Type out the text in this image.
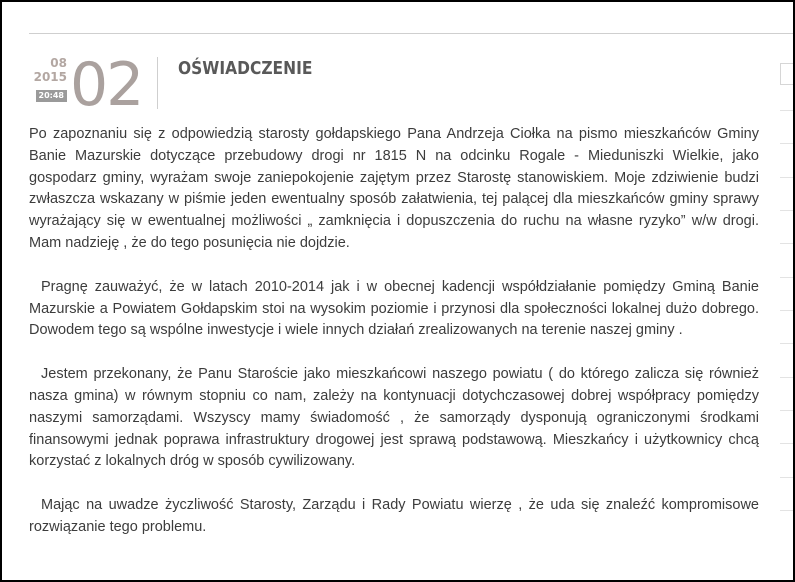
08
2015
20:48 02 OŚWIADCZENIE

Po zapoznaniu się z odpowiedzią starosty gołdapskiego Pana Andrzeja Ciołka na pismo mieszkańców Gminy Banie Mazurskie dotyczące przebudowy drogi nr 1815 N na odcinku Rogale - Mieduniszki Wielkie, jako gospodarz gminy, wyrażam swoje zaniepokojenie zajętym przez Starostę stanowiskiem. Moje zdziwienie budzi zwłaszcza wskazany w piśmie jeden ewentualny sposób załatwienia, tej palącej dla mieszkańców gminy sprawy wyrażający się w ewentualnej możliwości „ zamknięcia i dopuszczenia do ruchu na własne ryzyko” w/w drogi. Mam nadzieję , że do tego posunięcia nie dojdzie.

Pragnę zauważyć, że w latach 2010-2014 jak i w obecnej kadencji współdziałanie pomiędzy Gminą Banie Mazurskie a Powiatem Gołdapskim stoi na wysokim poziomie i przynosi dla społeczności lokalnej dużo dobrego. Dowodem tego są wspólne inwestycje i wiele innych działań zrealizowanych na terenie naszej gminy .

Jestem przekonany, że Panu Staroście jako mieszkańcowi naszego powiatu ( do którego zalicza się również nasza gmina) w równym stopniu co nam, zależy na kontynuacji dotychczasowej dobrej współpracy pomiędzy naszymi samorządami. Wszyscy mamy świadomość , że samorządy dysponują ograniczonymi środkami finansowymi jednak poprawa infrastruktury drogowej jest sprawą podstawową. Mieszkańcy i użytkownicy chcą korzystać z lokalnych dróg w sposób cywilizowany.

Mając na uwadze życzliwość Starosty, Zarządu i Rady Powiatu wierzę , że uda się znaleźć kompromisowe rozwiązanie tego problemu.
